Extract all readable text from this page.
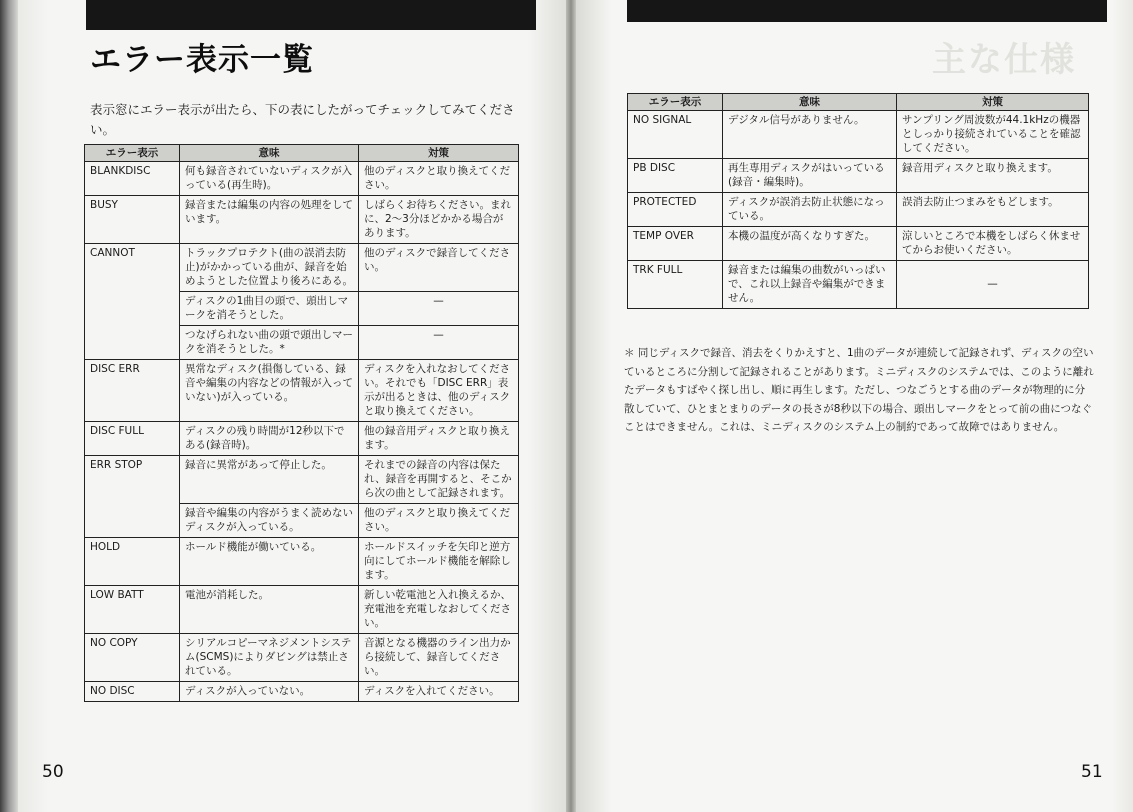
エラー表示一覧
表示窓にエラー表示が出たら、下の表にしたがってチェックしてみてください。
エラー表示	意味	対策
BLANKDISC	何も録音されていないディスクが入っている(再生時)。	他のディスクと取り換えてください。
BUSY	録音または編集の内容の処理をしています。	しばらくお待ちください。まれに、2〜3分ほどかかる場合があります。
CANNOT	トラックプロテクト(曲の誤消去防止)がかかっている曲が、録音を始めようとした位置より後ろにある。	他のディスクで録音してください。
	ディスクの1曲目の頭で、頭出しマークを消そうとした。	—
	つなげられない曲の頭で頭出しマークを消そうとした。*	—
DISC ERR	異常なディスク(損傷している、録音や編集の内容などの情報が入っていない)が入っている。	ディスクを入れなおしてください。それでも「DISC ERR」表示が出るときは、他のディスクと取り換えてください。
DISC FULL	ディスクの残り時間が12秒以下である(録音時)。	他の録音用ディスクと取り換えます。
ERR STOP	録音に異常があって停止した。	それまでの録音の内容は保たれ、録音を再開すると、そこから次の曲として記録されます。
	録音や編集の内容がうまく読めないディスクが入っている。	他のディスクと取り換えてください。
HOLD	ホールド機能が働いている。	ホールドスイッチを矢印と逆方向にしてホールド機能を解除します。
LOW BATT	電池が消耗した。	新しい乾電池と入れ換えるか、充電池を充電しなおしてください。
NO COPY	シリアルコピーマネジメントシステム(SCMS)によりダビングは禁止されている。	音源となる機器のライン出力から接続して、録音してください。
NO DISC	ディスクが入っていない。	ディスクを入れてください。
50
主な仕様
エラー表示	意味	対策
NO SIGNAL	デジタル信号がありません。	サンプリング周波数が44.1kHzの機器としっかり接続されていることを確認してください。
PB DISC	再生専用ディスクがはいっている(録音・編集時)。	録音用ディスクと取り換えます。
PROTECTED	ディスクが誤消去防止状態になっている。	誤消去防止つまみをもどします。
TEMP OVER	本機の温度が高くなりすぎた。	涼しいところで本機をしばらく休ませてからお使いください。
TRK FULL	録音または編集の曲数がいっぱいで、これ以上録音や編集ができません。	—
＊ 同じディスクで録音、消去をくりかえすと、1曲のデータが連続して記録されず、ディスクの空いているところに分割して記録されることがあります。ミニディスクのシステムでは、このように離れたデータもすばやく探し出し、順に再生します。ただし、つなごうとする曲のデータが物理的に分散していて、ひとまとまりのデータの長さが8秒以下の場合、頭出しマークをとって前の曲につなぐことはできません。これは、ミニディスクのシステム上の制約であって故障ではありません。
51
